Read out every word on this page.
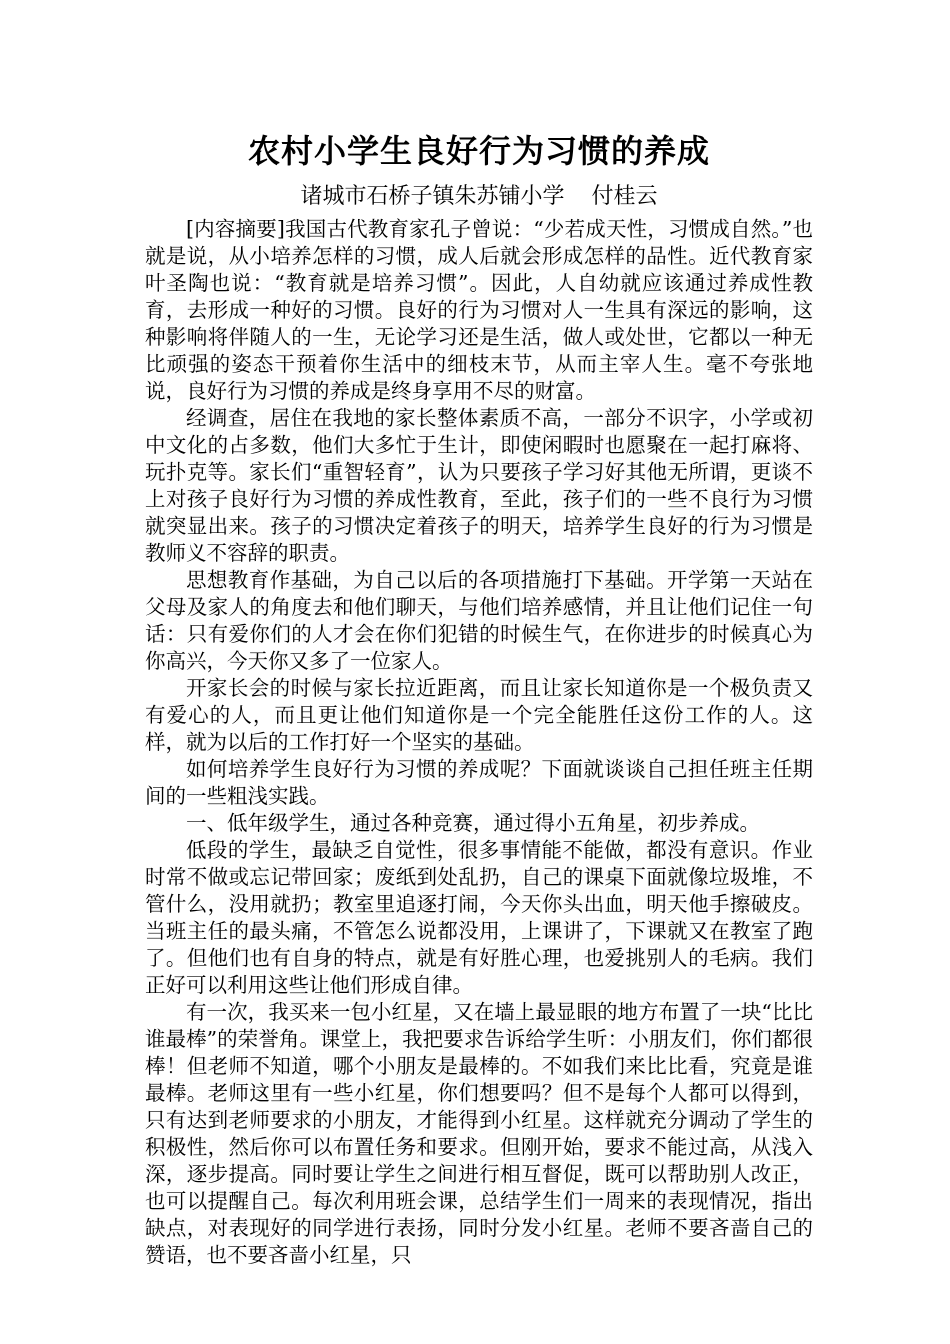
农村小学生良好行为习惯的养成
诸城市石桥子镇朱苏铺小学 付桂云

[内容摘要]我国古代教育家孔子曾说：“少若成天性，习惯成自然。”也就是说，从小培养怎样的习惯，成人后就会形成怎样的品性。近代教育家叶圣陶也说：“教育就是培养习惯”。因此，人自幼就应该通过养成性教育，去形成一种好的习惯。良好的行为习惯对人一生具有深远的影响，这种影响将伴随人的一生，无论学习还是生活，做人或处世，它都以一种无比顽强的姿态干预着你生活中的细枝末节，从而主宰人生。毫不夸张地说，良好行为习惯的养成是终身享用不尽的财富。

经调查，居住在我地的家长整体素质不高，一部分不识字，小学或初中文化的占多数，他们大多忙于生计，即使闲暇时也愿聚在一起打麻将、玩扑克等。家长们“重智轻育”，认为只要孩子学习好其他无所谓，更谈不上对孩子良好行为习惯的养成性教育，至此，孩子们的一些不良行为习惯就突显出来。孩子的习惯决定着孩子的明天，培养学生良好的行为习惯是教师义不容辞的职责。

思想教育作基础，为自己以后的各项措施打下基础。开学第一天站在父母及家人的角度去和他们聊天，与他们培养感情，并且让他们记住一句话：只有爱你们的人才会在你们犯错的时候生气，在你进步的时候真心为你高兴，今天你又多了一位家人。

开家长会的时候与家长拉近距离，而且让家长知道你是一个极负责又有爱心的人，而且更让他们知道你是一个完全能胜任这份工作的人。这样，就为以后的工作打好一个坚实的基础。

如何培养学生良好行为习惯的养成呢？下面就谈谈自己担任班主任期间的一些粗浅实践。

一、低年级学生，通过各种竞赛，通过得小五角星，初步养成。

低段的学生，最缺乏自觉性，很多事情能不能做，都没有意识。作业时常不做或忘记带回家；废纸到处乱扔，自己的课桌下面就像垃圾堆，不管什么，没用就扔；教室里追逐打闹，今天你头出血，明天他手擦破皮。当班主任的最头痛，不管怎么说都没用，上课讲了，下课就又在教室了跑了。但他们也有自身的特点，就是有好胜心理，也爱挑别人的毛病。我们正好可以利用这些让他们形成自律。

有一次，我买来一包小红星，又在墙上最显眼的地方布置了一块“比比谁最棒”的荣誉角。课堂上，我把要求告诉给学生听：小朋友们，你们都很棒！但老师不知道，哪个小朋友是最棒的。不如我们来比比看，究竟是谁最棒。老师这里有一些小红星，你们想要吗？但不是每个人都可以得到，只有达到老师要求的小朋友，才能得到小红星。这样就充分调动了学生的积极性，然后你可以布置任务和要求。但刚开始，要求不能过高，从浅入深，逐步提高。同时要让学生之间进行相互督促，既可以帮助别人改正，也可以提醒自己。每次利用班会课，总结学生们一周来的表现情况，指出缺点，对表现好的同学进行表扬，同时分发小红星。老师不要吝啬自己的赞语，也不要吝啬小红星，只
